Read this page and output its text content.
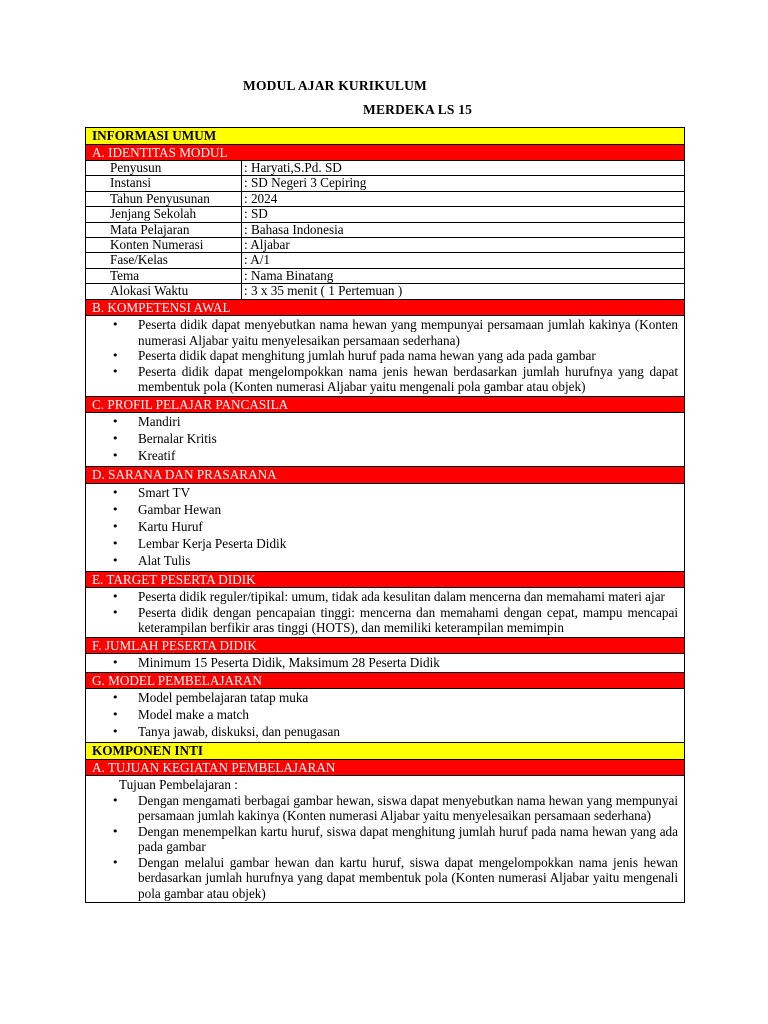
MODUL AJAR KURIKULUM
MERDEKA LS 15
INFORMASI UMUM
A. IDENTITAS MODUL
Penyusun	: Haryati,S.Pd. SD
Instansi	: SD Negeri 3 Cepiring
Tahun Penyusunan	: 2024
Jenjang Sekolah	: SD
Mata Pelajaran	: Bahasa Indonesia
Konten Numerasi	: Aljabar
Fase/Kelas	: A/1
Tema	: Nama Binatang
Alokasi Waktu	: 3 x 35 menit ( 1 Pertemuan )
B. KOMPETENSI AWAL
• Peserta didik dapat menyebutkan nama hewan yang mempunyai persamaan jumlah kakinya (Konten numerasi Aljabar yaitu menyelesaikan persamaan sederhana)
• Peserta didik dapat menghitung jumlah huruf pada nama hewan yang ada pada gambar
• Peserta didik dapat mengelompokkan nama jenis hewan berdasarkan jumlah hurufnya yang dapat membentuk pola (Konten numerasi Aljabar yaitu mengenali pola gambar atau objek)
C. PROFIL PELAJAR PANCASILA
• Mandiri
• Bernalar Kritis
• Kreatif
D. SARANA DAN PRASARANA
• Smart TV
• Gambar Hewan
• Kartu Huruf
• Lembar Kerja Peserta Didik
• Alat Tulis
E. TARGET PESERTA DIDIK
• Peserta didik reguler/tipikal: umum, tidak ada kesulitan dalam mencerna dan memahami materi ajar
• Peserta didik dengan pencapaian tinggi: mencerna dan memahami dengan cepat, mampu mencapai keterampilan berfikir aras tinggi (HOTS), dan memiliki keterampilan memimpin
F. JUMLAH PESERTA DIDIK
• Minimum 15 Peserta Didik, Maksimum 28 Peserta Didik
G. MODEL PEMBELAJARAN
• Model pembelajaran tatap muka
• Model make a match
• Tanya jawab, diskuksi, dan penugasan
KOMPONEN INTI
A. TUJUAN KEGIATAN PEMBELAJARAN
Tujuan Pembelajaran :
• Dengan mengamati berbagai gambar hewan, siswa dapat menyebutkan nama hewan yang mempunyai persamaan jumlah kakinya (Konten numerasi Aljabar yaitu menyelesaikan persamaan sederhana)
• Dengan menempelkan kartu huruf, siswa dapat menghitung jumlah huruf pada nama hewan yang ada pada gambar
• Dengan melalui gambar hewan dan kartu huruf, siswa dapat mengelompokkan nama jenis hewan berdasarkan jumlah hurufnya yang dapat membentuk pola (Konten numerasi Aljabar yaitu mengenali pola gambar atau objek)
